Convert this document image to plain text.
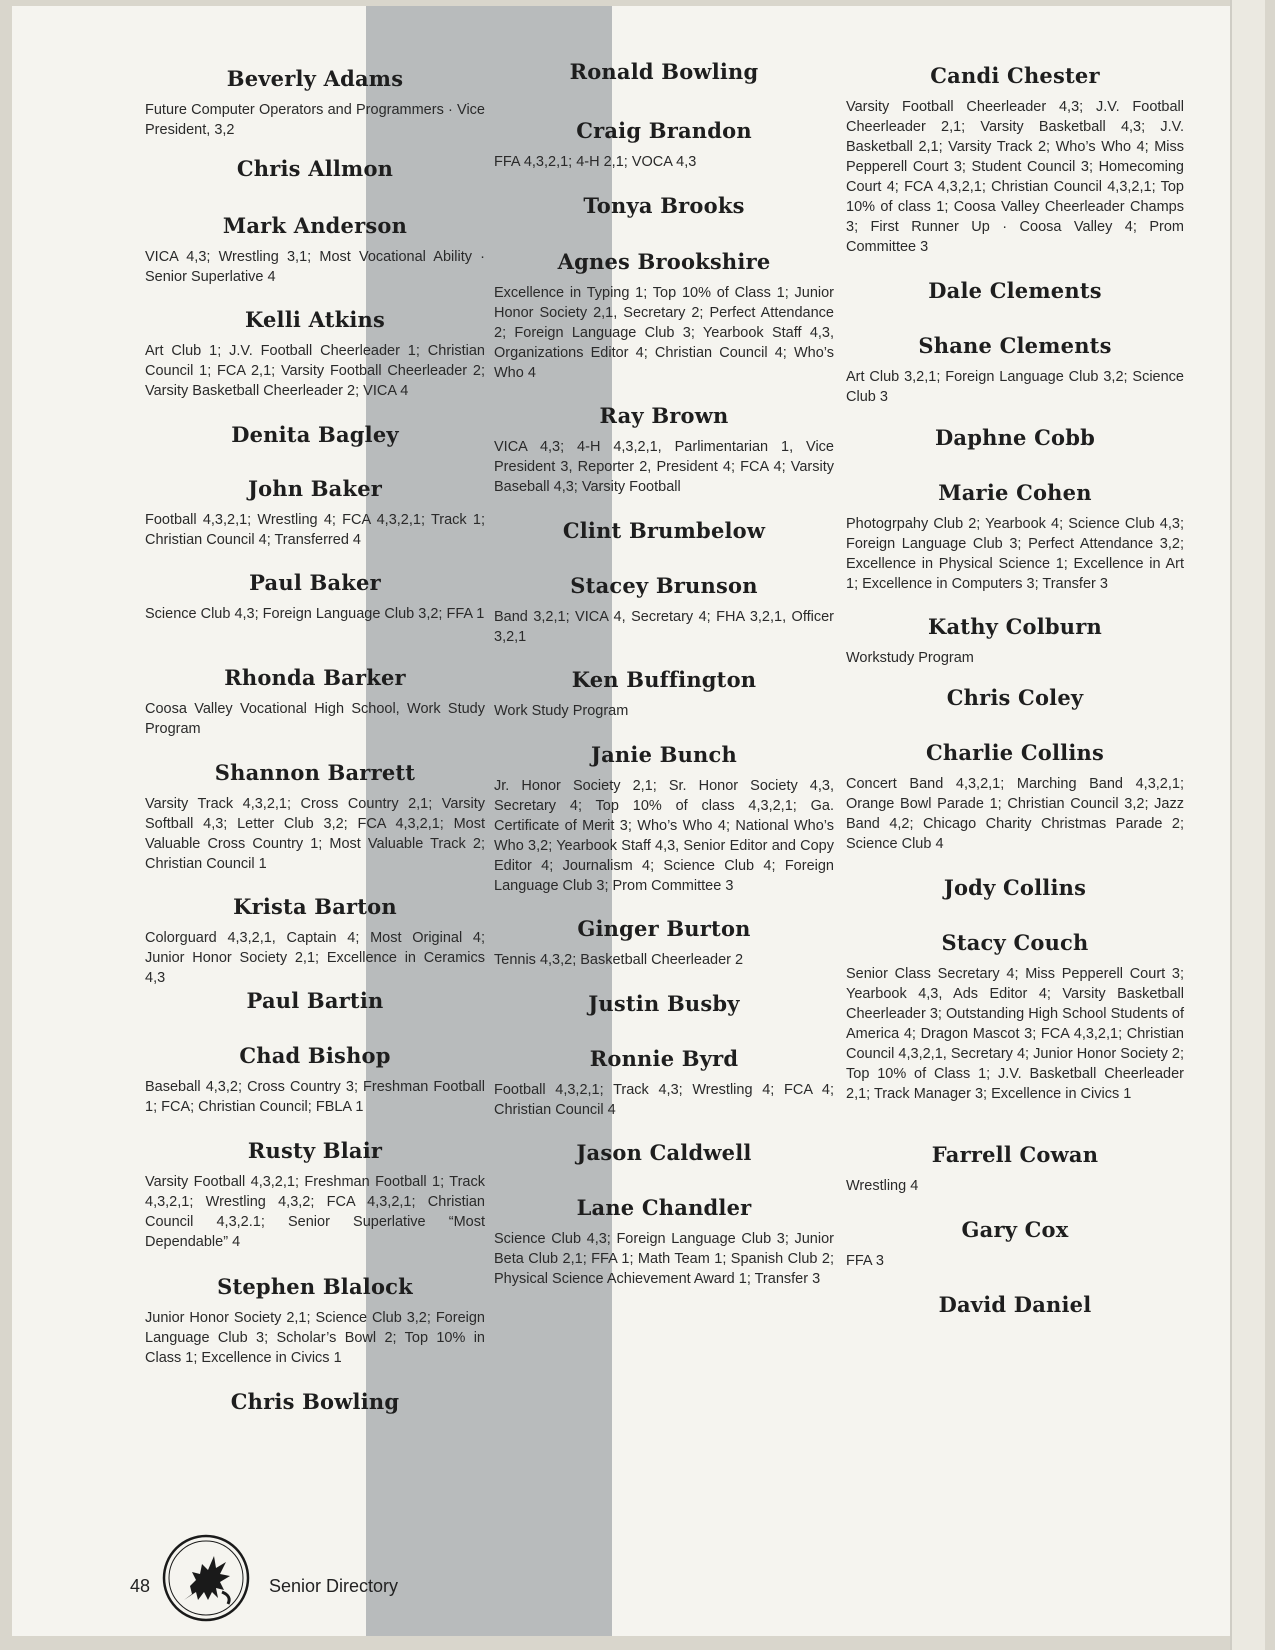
Beverly Adams
Future Computer Operators and Programmers · Vice President, 3,2
Chris Allmon
Mark Anderson
VICA 4,3; Wrestling 3,1; Most Vocational Ability · Senior Superlative 4
Kelli Atkins
Art Club 1; J.V. Football Cheerleader 1; Christian Council 1; FCA 2,1; Varsity Football Cheerleader 2; Varsity Basketball Cheerleader 2; VICA 4
Denita Bagley
John Baker
Football 4,3,2,1; Wrestling 4; FCA 4,3,2,1; Track 1; Christian Council 4; Transferred 4
Paul Baker
Science Club 4,3; Foreign Language Club 3,2; FFA 1
Rhonda Barker
Coosa Valley Vocational High School, Work Study Program
Shannon Barrett
Varsity Track 4,3,2,1; Cross Country 2,1; Varsity Softball 4,3; Letter Club 3,2; FCA 4,3,2,1; Most Valuable Cross Country 1; Most Valuable Track 2; Christian Council 1
Krista Barton
Colorguard 4,3,2,1, Captain 4; Most Original 4; Junior Honor Society 2,1; Excellence in Ceramics 4,3
Paul Bartin
Chad Bishop
Baseball 4,3,2; Cross Country 3; Freshman Football 1; FCA; Christian Council; FBLA 1
Rusty Blair
Varsity Football 4,3,2,1; Freshman Football 1; Track 4,3,2,1; Wrestling 4,3,2; FCA 4,3,2,1; Christian Council 4,3,2.1; Senior Superlative “Most Dependable” 4
Stephen Blalock
Junior Honor Society 2,1; Science Club 3,2; Foreign Language Club 3; Scholar’s Bowl 2; Top 10% in Class 1; Excellence in Civics 1
Chris Bowling
Ronald Bowling
Craig Brandon
FFA 4,3,2,1; 4-H 2,1; VOCA 4,3
Tonya Brooks
Agnes Brookshire
Excellence in Typing 1; Top 10% of Class 1; Junior Honor Society 2,1, Secretary 2; Perfect Attendance 2; Foreign Language Club 3; Yearbook Staff 4,3, Organizations Editor 4; Christian Council 4; Who’s Who 4
Ray Brown
VICA 4,3; 4-H 4,3,2,1, Parlimentarian 1, Vice President 3, Reporter 2, President 4; FCA 4; Varsity Baseball 4,3; Varsity Football
Clint Brumbelow
Stacey Brunson
Band 3,2,1; VICA 4, Secretary 4; FHA 3,2,1, Officer 3,2,1
Ken Buffington
Work Study Program
Janie Bunch
Jr. Honor Society 2,1; Sr. Honor Society 4,3, Secretary 4; Top 10% of class 4,3,2,1; Ga. Certificate of Merit 3; Who’s Who 4; National Who’s Who 3,2; Yearbook Staff 4,3, Senior Editor and Copy Editor 4; Journalism 4; Science Club 4; Foreign Language Club 3; Prom Committee 3
Ginger Burton
Tennis 4,3,2; Basketball Cheerleader 2
Justin Busby
Ronnie Byrd
Football 4,3,2,1; Track 4,3; Wrestling 4; FCA 4; Christian Council 4
Jason Caldwell
Lane Chandler
Science Club 4,3; Foreign Language Club 3; Junior Beta Club 2,1; FFA 1; Math Team 1; Spanish Club 2; Physical Science Achievement Award 1; Transfer 3
Candi Chester
Varsity Football Cheerleader 4,3; J.V. Football Cheerleader 2,1; Varsity Basketball 4,3; J.V. Basketball 2,1; Varsity Track 2; Who’s Who 4; Miss Pepperell Court 3; Student Council 3; Homecoming Court 4; FCA 4,3,2,1; Christian Council 4,3,2,1; Top 10% of class 1; Coosa Valley Cheerleader Champs 3; First Runner Up · Coosa Valley 4; Prom Committee 3
Dale Clements
Shane Clements
Art Club 3,2,1; Foreign Language Club 3,2; Science Club 3
Daphne Cobb
Marie Cohen
Photogrpahy Club 2; Yearbook 4; Science Club 4,3; Foreign Language Club 3; Perfect Attendance 3,2; Excellence in Physical Science 1; Excellence in Art 1; Excellence in Computers 3; Transfer 3
Kathy Colburn
Workstudy Program
Chris Coley
Charlie Collins
Concert Band 4,3,2,1; Marching Band 4,3,2,1; Orange Bowl Parade 1; Christian Council 3,2; Jazz Band 4,2; Chicago Charity Christmas Parade 2; Science Club 4
Jody Collins
Stacy Couch
Senior Class Secretary 4; Miss Pepperell Court 3; Yearbook 4,3, Ads Editor 4; Varsity Basketball Cheerleader 3; Outstanding High School Students of America 4; Dragon Mascot 3; FCA 4,3,2,1; Christian Council 4,3,2,1, Secretary 4; Junior Honor Society 2; Top 10% of Class 1; J.V. Basketball Cheerleader 2,1; Track Manager 3; Excellence in Civics 1
Farrell Cowan
Wrestling 4
Gary Cox
FFA 3
David Daniel
48	Senior Directory
